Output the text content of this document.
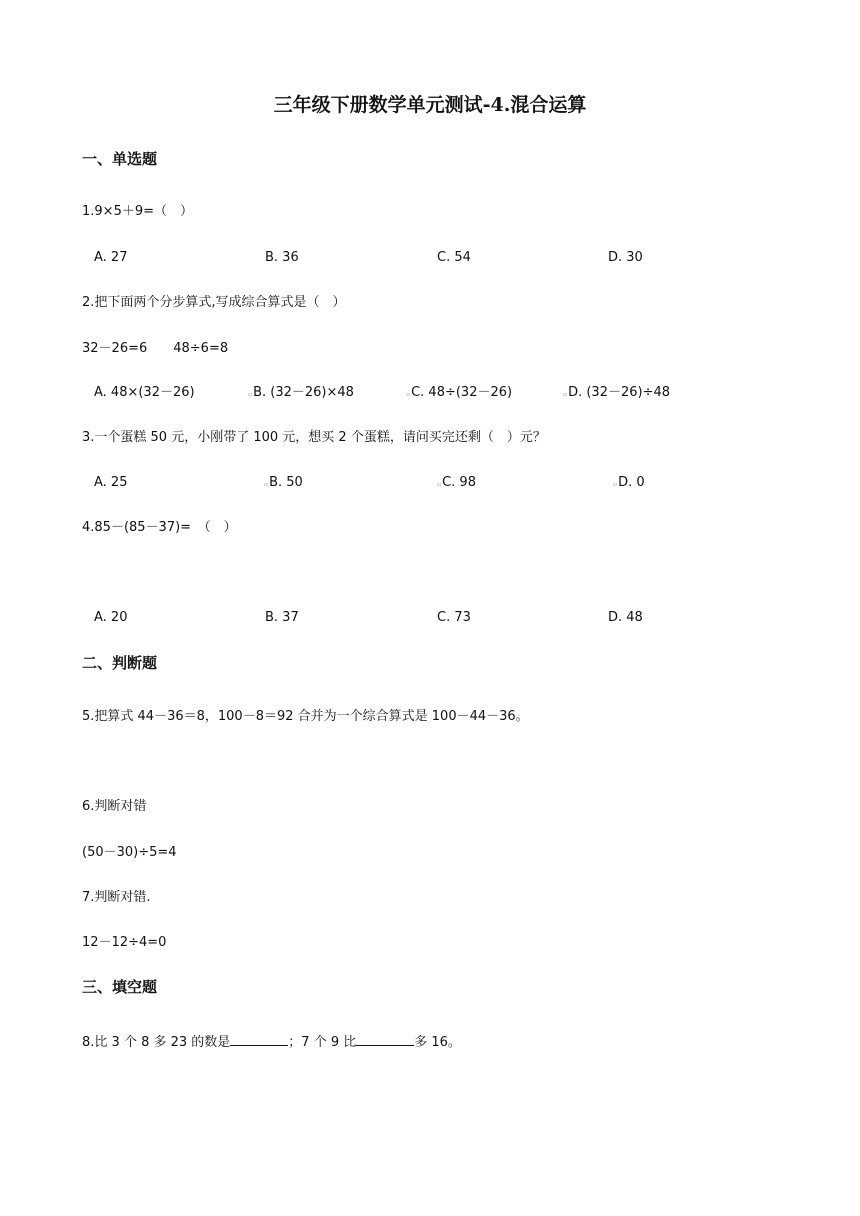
三年级下册数学单元测试-4.混合运算
一、单选题
1.9×5＋9=（　）
A. 27	B. 36	C. 54	D. 30
2.把下面两个分步算式,写成综合算式是（　）
32－26=6　　48÷6=8
A. 48×(32－26)	▫B. (32－26)×48	▫C. 48÷(32－26)	▫D. (32－26)÷48
3.一个蛋糕 50 元，小刚带了 100 元，想买 2 个蛋糕，请问买完还剩（　）元？
A. 25	▫B. 50	▫C. 98	▫D. 0
4.85－(85－37)=　（　）
A. 20	B. 37	C. 73	D. 48
二、判断题
5.把算式 44－36＝8，100－8＝92 合并为一个综合算式是 100－44－36。
6.判断对错
(50－30)÷5=4
7.判断对错.
12－12÷4=0
三、填空题
8.比 3 个 8 多 23 的数是	；7 个 9 比	多 16。
